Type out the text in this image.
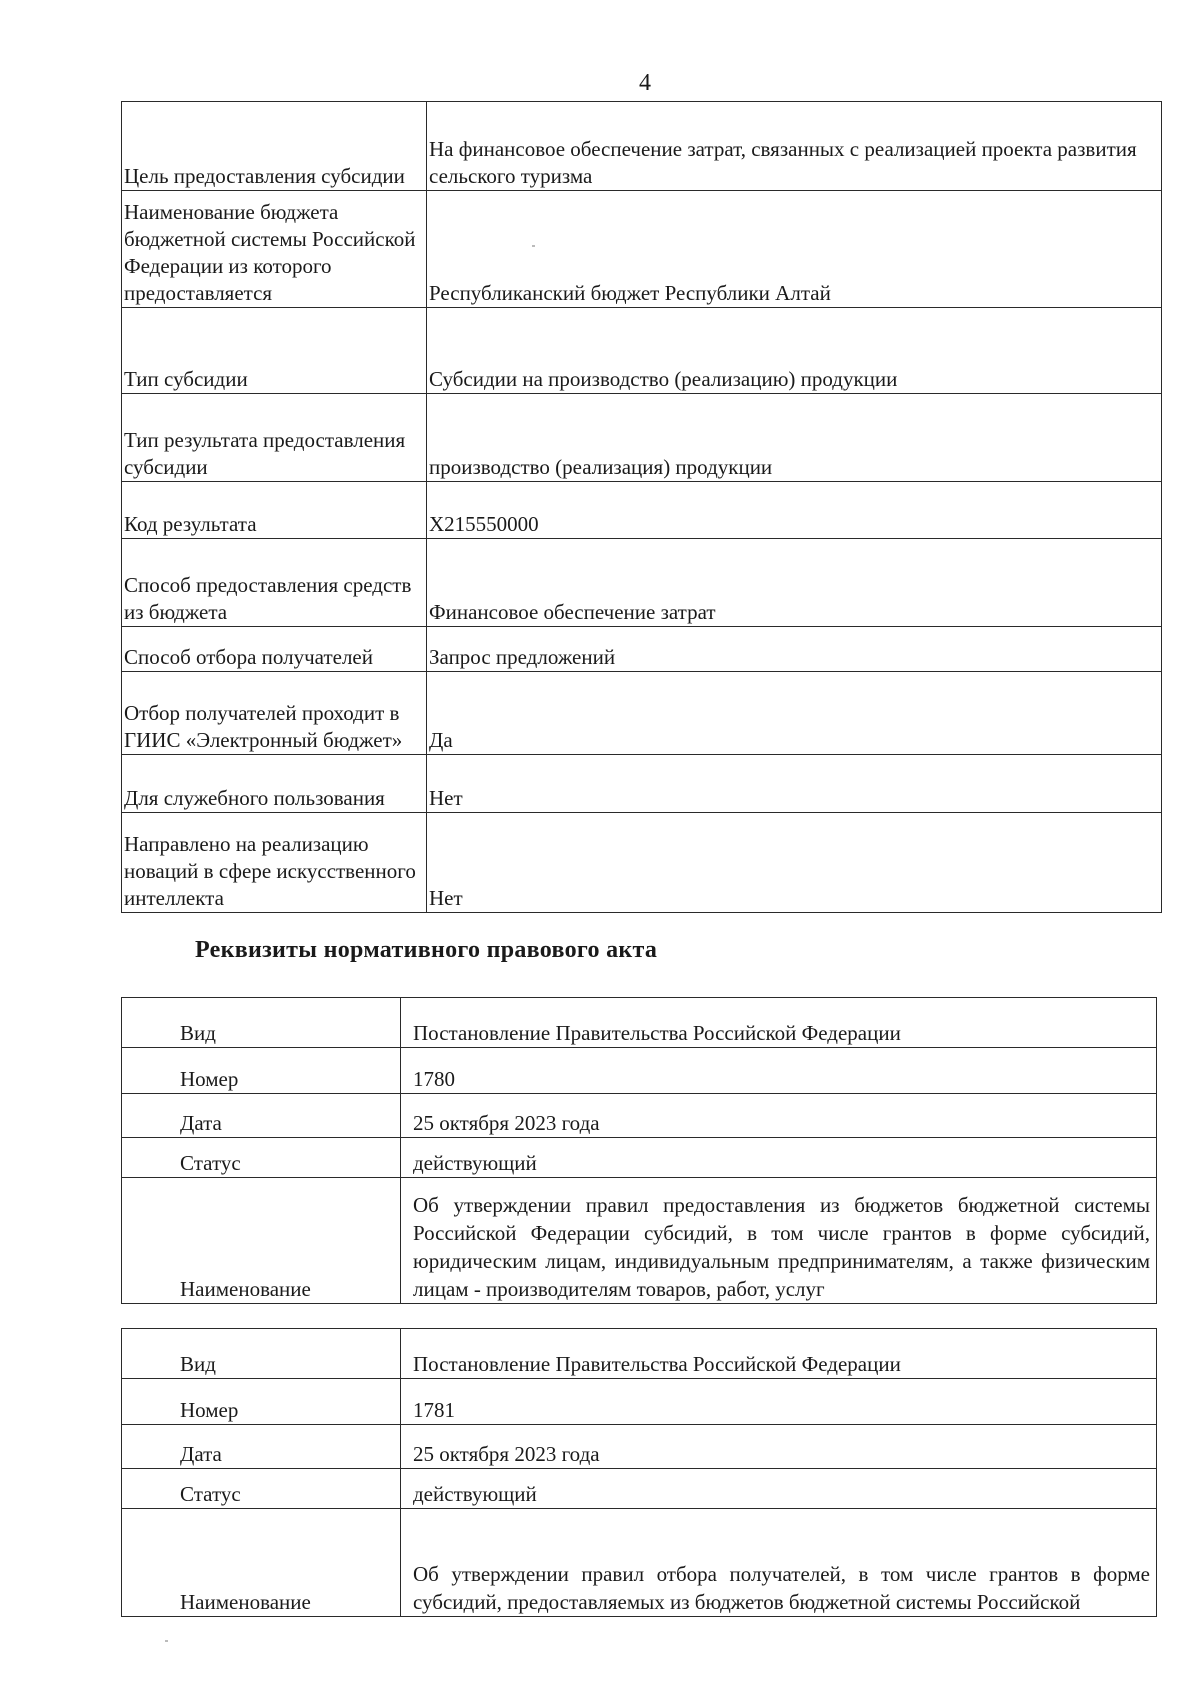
4
Цель предоставления субсидии	На финансовое обеспечение затрат, связанных с реализацией проекта развития сельского туризма
Наименование бюджета бюджетной системы Российской Федерации из которого предоставляется	Республиканский бюджет Республики Алтай
Тип субсидии	Субсидии на производство (реализацию) продукции
Тип результата предоставления субсидии	производство (реализация) продукции
Код результата	X215550000
Способ предоставления средств из бюджета	Финансовое обеспечение затрат
Способ отбора получателей	Запрос предложений
Отбор получателей проходит в ГИИС «Электронный бюджет»	Да
Для служебного пользования	Нет
Направлено на реализацию новаций в сфере искусственного интеллекта	Нет
Реквизиты нормативного правового акта
Вид	Постановление Правительства Российской Федерации
Номер	1780
Дата	25 октября 2023 года
Статус	действующий
Наименование	Об утверждении правил предоставления из бюджетов бюджетной системы Российской Федерации субсидий, в том числе грантов в форме субсидий, юридическим лицам, индивидуальным предпринимателям, а также физическим лицам - производителям товаров, работ, услуг
Вид	Постановление Правительства Российской Федерации
Номер	1781
Дата	25 октября 2023 года
Статус	действующий
Наименование	Об утверждении правил отбора получателей, в том числе грантов в форме субсидий, предоставляемых из бюджетов бюджетной системы Российской
